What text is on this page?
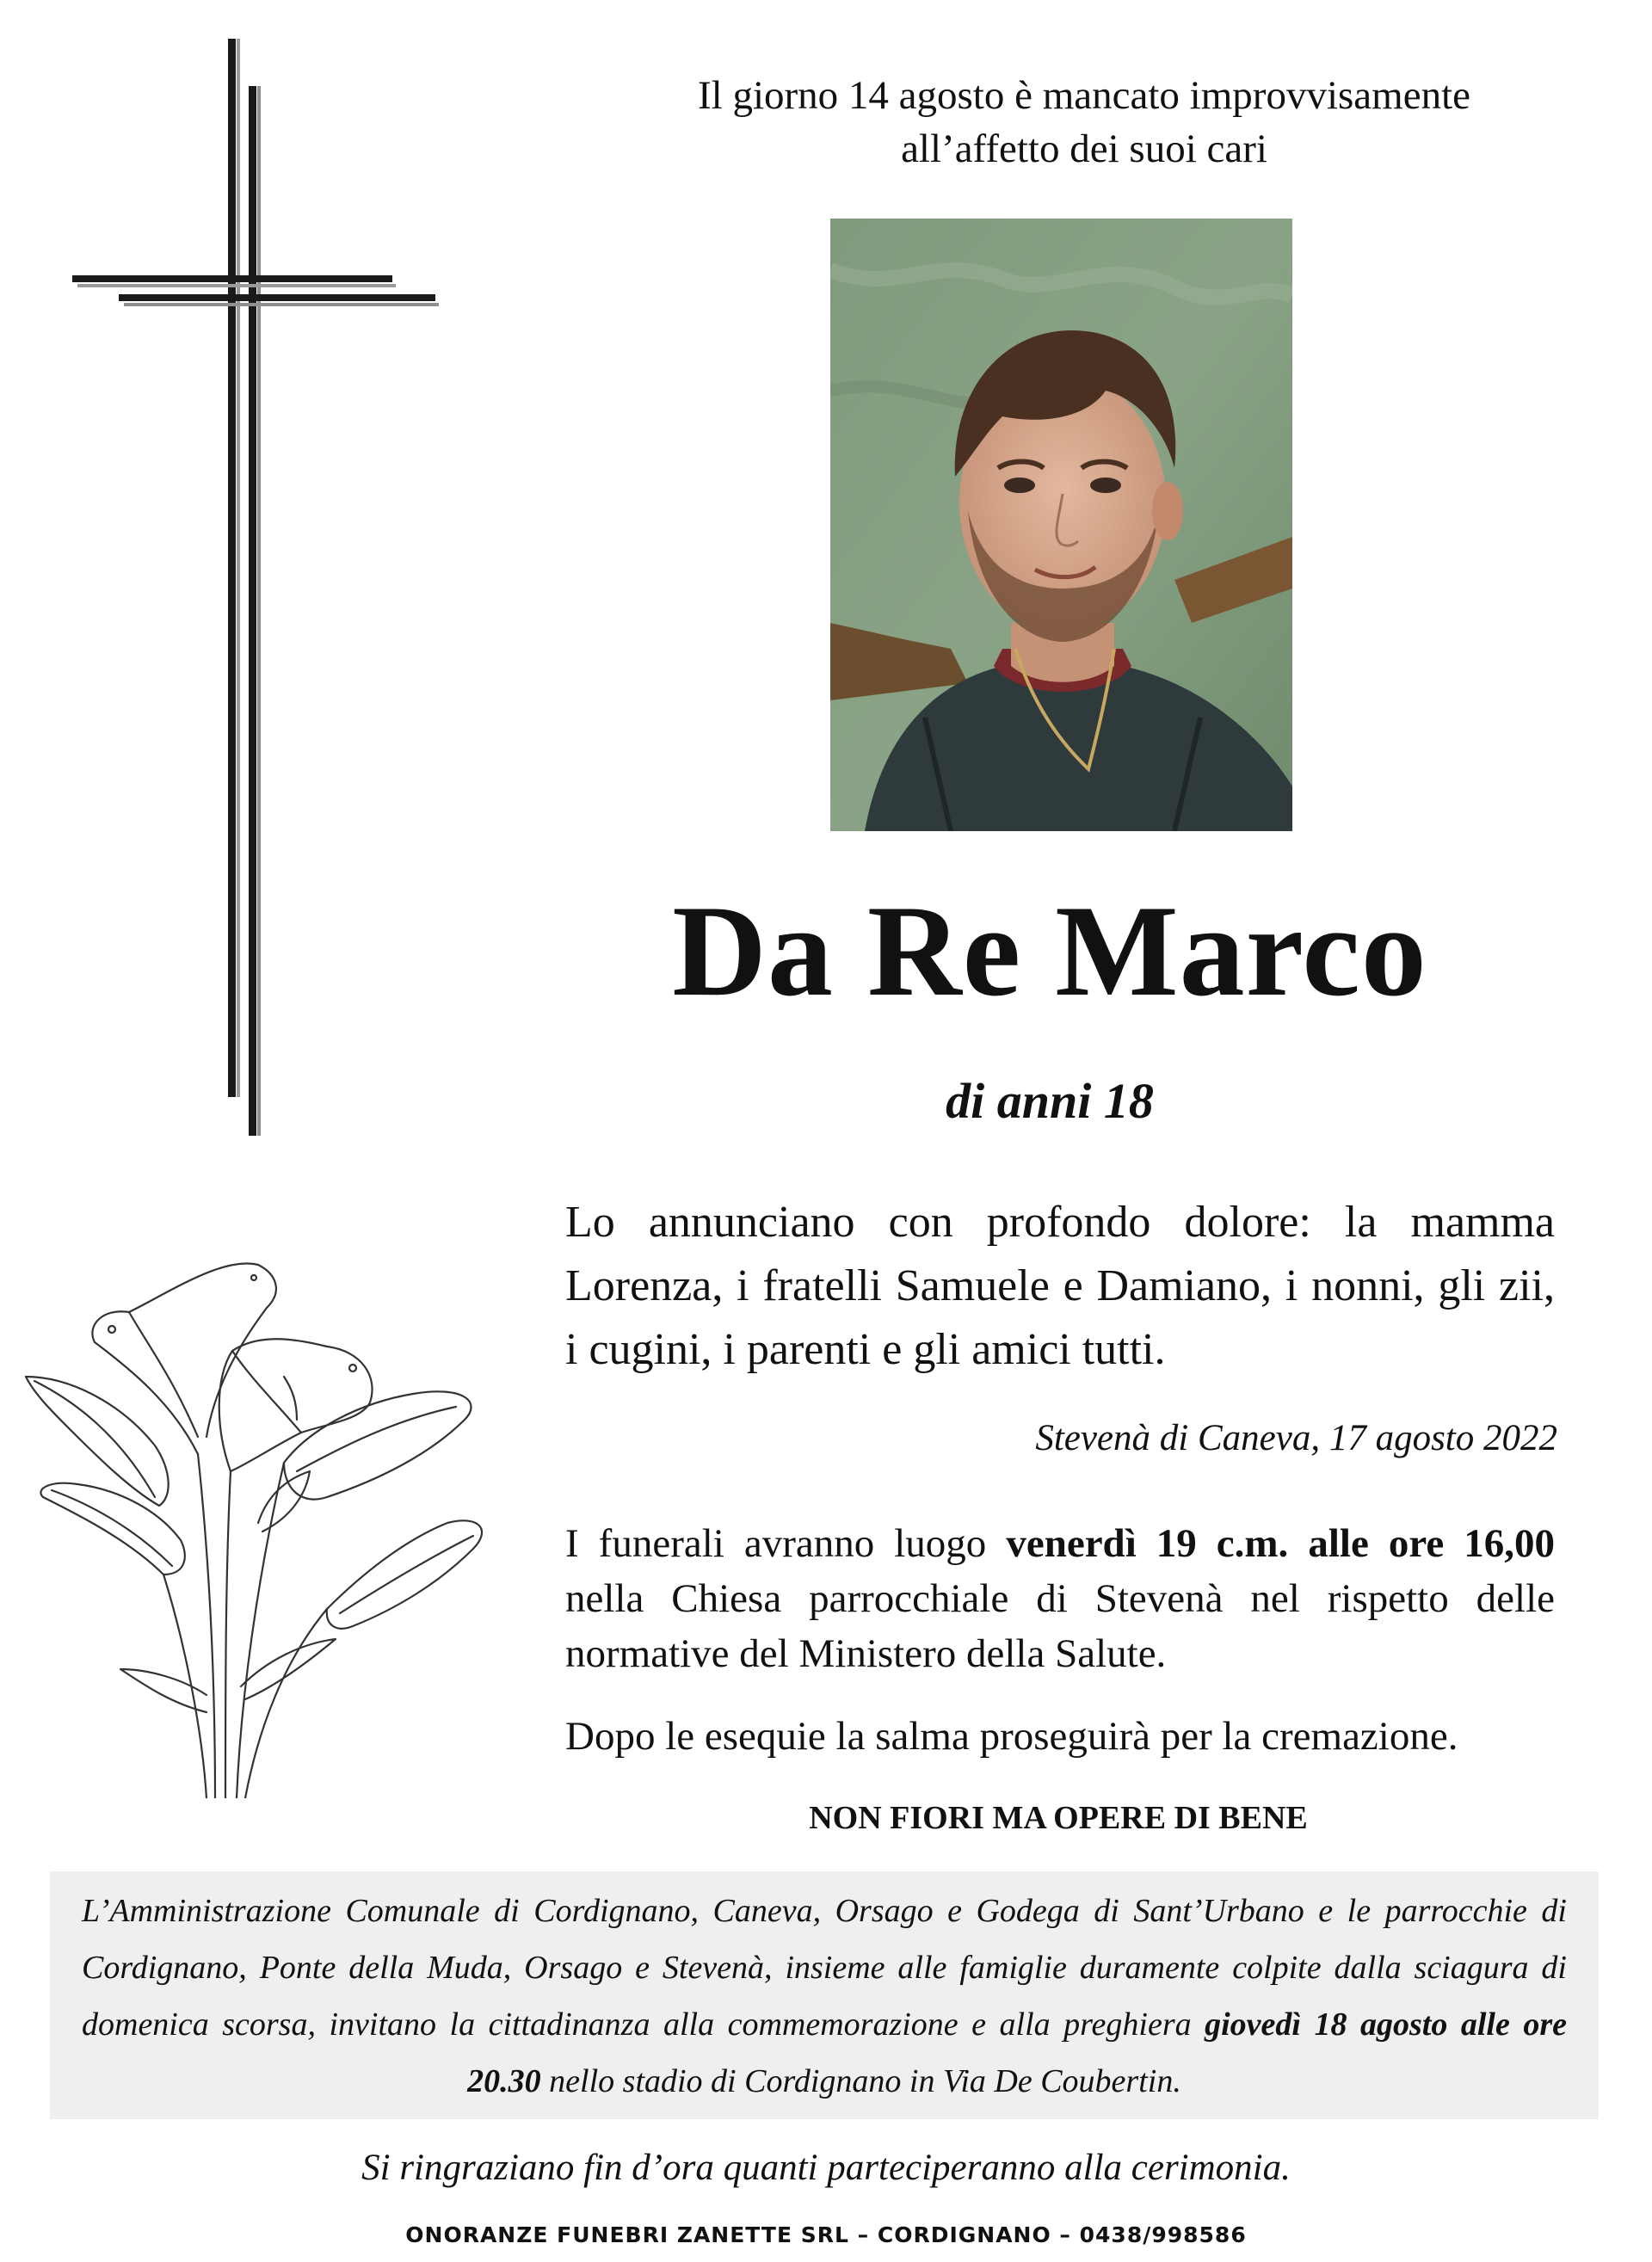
Il giorno 14 agosto è mancato improvvisamente
all’affetto dei suoi cari
Da Re Marco
di anni 18
Lo annunciano con profondo dolore: la mamma Lorenza, i fratelli Samuele e Damiano, i nonni, gli zii, i cugini, i parenti e gli amici tutti.
Stevenà di Caneva, 17 agosto 2022
I funerali avranno luogo venerdì 19 c.m. alle ore 16,00 nella Chiesa parrocchiale di Stevenà nel rispetto delle normative del Ministero della Salute.
Dopo le esequie la salma proseguirà per la cremazione.
NON FIORI MA OPERE DI BENE
L’Amministrazione Comunale di Cordignano, Caneva, Orsago e Godega di Sant’Urbano e le parrocchie di Cordignano, Ponte della Muda, Orsago e Stevenà, insieme alle famiglie duramente colpite dalla sciagura di domenica scorsa, invitano la cittadinanza alla commemorazione e alla preghiera giovedì 18 agosto alle ore 20.30 nello stadio di Cordignano in Via De Coubertin.
Si ringraziano fin d’ora quanti parteciperanno alla cerimonia.
ONORANZE FUNEBRI ZANETTE SRL – CORDIGNANO – 0438/998586
